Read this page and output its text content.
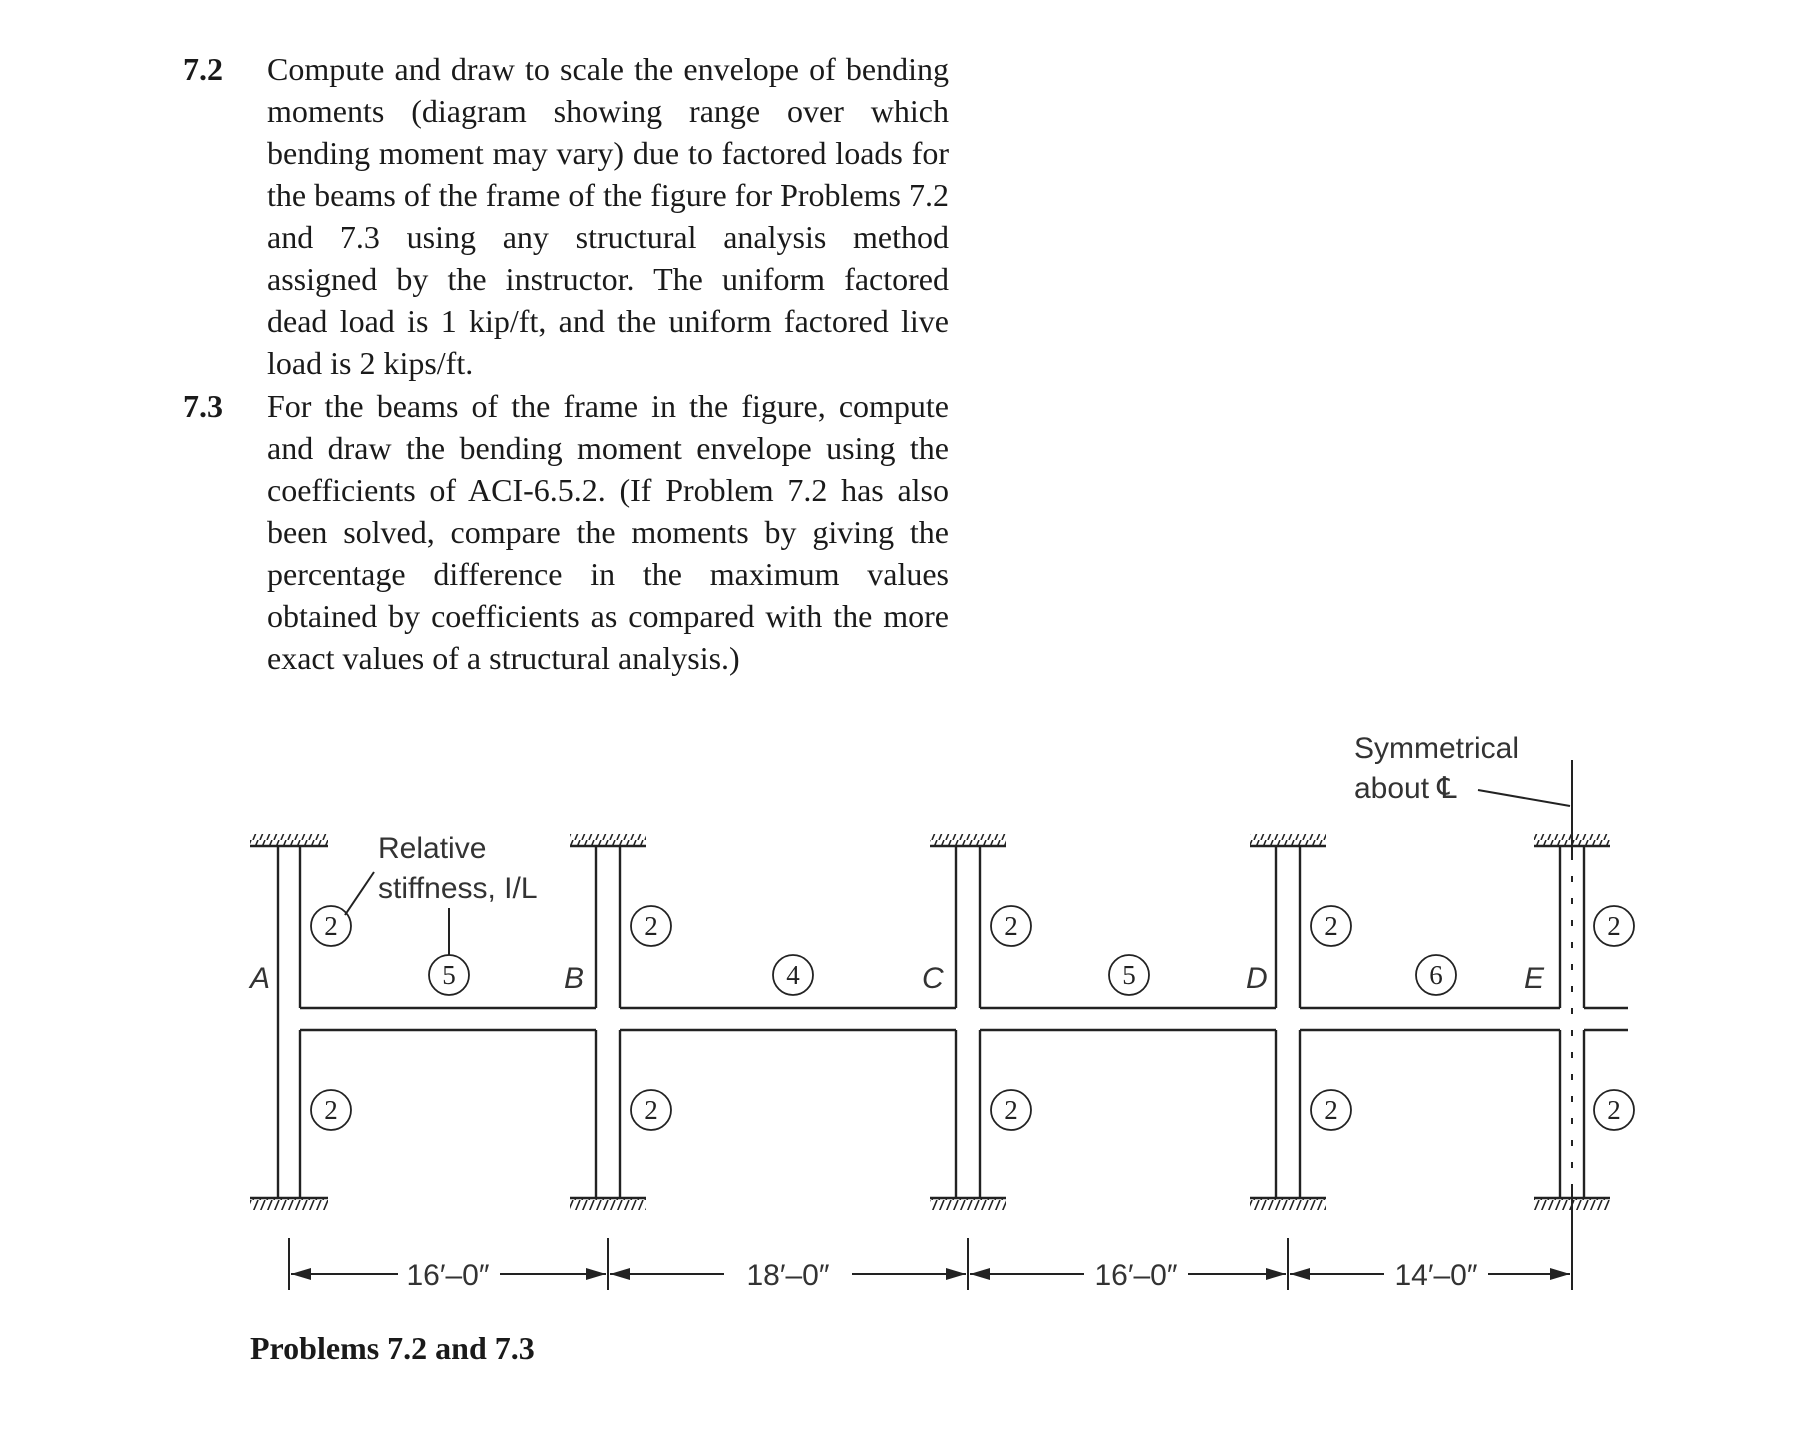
7.2 Compute and draw to scale the envelope of bending moments (diagram showing range over which bending moment may vary) due to factored loads for the beams of the frame of the figure for Problems 7.2 and 7.3 using any structural analysis method assigned by the instructor. The uniform factored dead load is 1 kip/ft, and the uniform factored live load is 2 kips/ft.

7.3 For the beams of the frame in the figure, compute and draw the bending moment envelope using the coefficients of ACI-6.5.2. (If Problem 7.2 has also been solved, compare the moments by giving the percentage difference in the maximum values obtained by coefficients as compared with the more exact values of a structural analysis.)

Symmetrical
about ℄
Relative
stiffness, I/L
A	B	C	D	E
2	2	2	2	2
2	2	2	2	2
5	4	5	6
16′–0″	18′–0″	16′–0″	14′–0″

Problems 7.2 and 7.3
